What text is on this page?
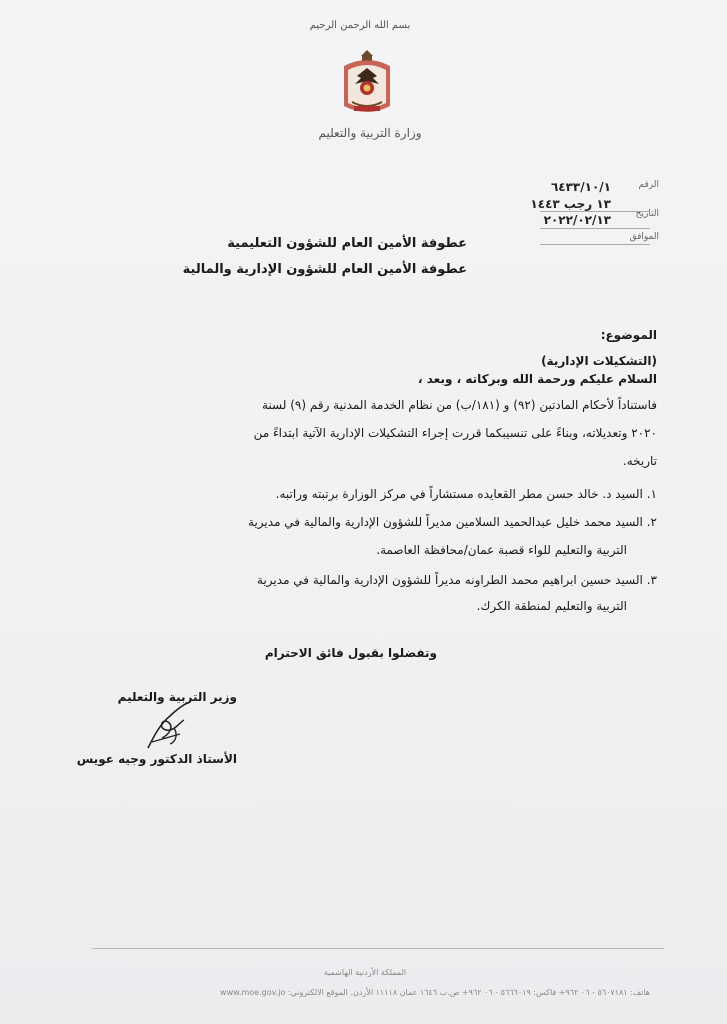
بسم الله الرحمن الرحيم
وزارة التربية والتعليم
الرقم
٦٤٣٣/١٠/١
التاريخ
١٣ رجب ١٤٤٣
٢٠٢٢/٠٢/١٣
الموافق
عطوفة الأمين العام للشؤون التعليمية
عطوفة الأمين العام للشؤون الإدارية والمالية
الموضوع:
(التشكيلات الإدارية)
السلام عليكم ورحمة الله وبركاته ، وبعد ،
فاستناداً لأحكام المادتين (٩٢) و (١٨١/ب) من نظام الخدمة المدنية رقم (٩) لسنة
٢٠٢٠ وتعديلاته، وبناءً على تنسيبكما قررت إجراء التشكيلات الإدارية الآتية ابتداءً من
تاريخه.
١. السيد د. خالد حسن مطر القعايده مستشاراً في مركز الوزارة برتبته وراتبه.
٢. السيد محمد خليل عبدالحميد السلامين مديراً للشؤون الإدارية والمالية في مديرية
التربية والتعليم للواء قصبة عمان/محافظة العاصمة.
٣. السيد حسين ابراهيم محمد الطراونه مديراً للشؤون الإدارية والمالية في مديرية
التربية والتعليم لمنطقة الكرك.
وتفضلوا بقبول فائق الاحترام
وزير التربية والتعليم
الأستاذ الدكتور وجيه عويس
المملكة الأردنية الهاشمية
هاتف: ٥٦٠٧١٨١ - ٠٦ ٩٦٢+ فاكس: ٥٦٦٦٠١٩ - ٠٦ ٩٦٢+ ص.ب ١٦٤٦ عمان ١١١١٨ الأردن. الموقع الالكتروني: www.moe.gov.jo
